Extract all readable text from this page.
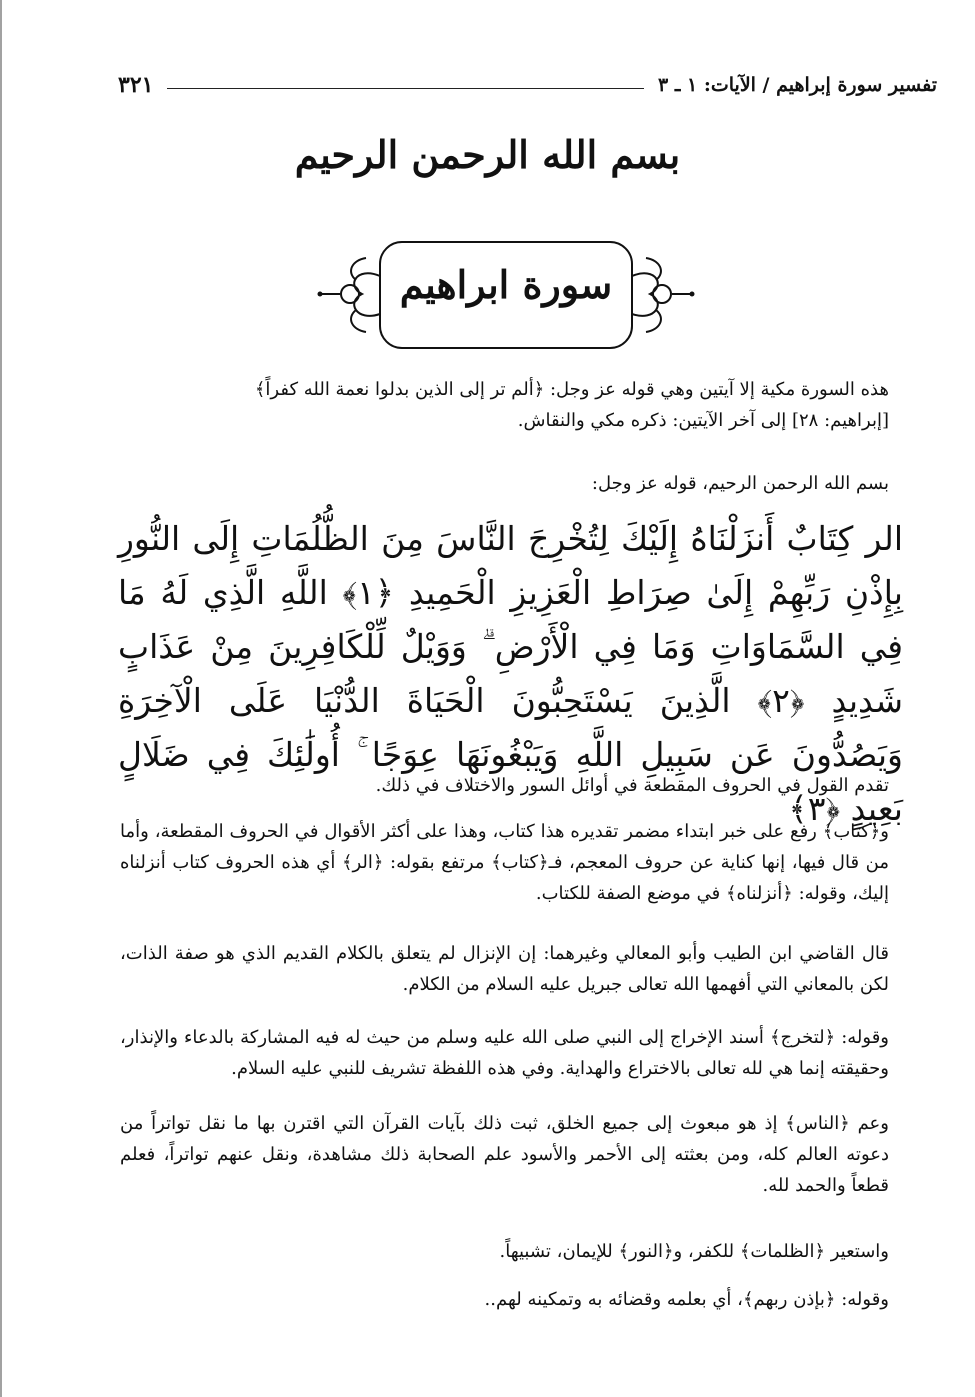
تفسير سورة إبراهيم / الآيات: ١ ـ ٣
٣٢١
بسم الله الرحمن الرحيم
سورة ابراهيم
هذه السورة مكية إلا آيتين وهي قوله عز وجل: ﴿ألم تر إلى الذين بدلوا نعمة الله كفراً﴾
[إبراهيم: ٢٨] إلى آخر الآيتين: ذكره مكي والنقاش.
بسم الله الرحمن الرحيم، قوله عز وجل:
الر كِتَابٌ أَنزَلْنَاهُ إِلَيْكَ لِتُخْرِجَ النَّاسَ مِنَ الظُّلُمَاتِ إِلَى النُّورِ بِإِذْنِ رَبِّهِمْ إِلَىٰ صِرَاطِ الْعَزِيزِ الْحَمِيدِ ﴿١﴾ اللَّهِ الَّذِي لَهُ مَا فِي السَّمَاوَاتِ وَمَا فِي الْأَرْضِ ۗ وَوَيْلٌ لِّلْكَافِرِينَ مِنْ عَذَابٍ شَدِيدٍ ﴿٢﴾ الَّذِينَ يَسْتَحِبُّونَ الْحَيَاةَ الدُّنْيَا عَلَى الْآخِرَةِ وَيَصُدُّونَ عَن سَبِيلِ اللَّهِ وَيَبْغُونَهَا عِوَجًا ۚ أُولَٰئِكَ فِي ضَلَالٍ بَعِيدٍ ﴿٣﴾
تقدم القول في الحروف المقطعة في أوائل السور والاختلاف في ذلك.
و﴿كتاب﴾ رفع على خبر ابتداء مضمر تقديره هذا كتاب، وهذا على أكثر الأقوال في الحروف المقطعة، وأما من قال فيها، إنها كناية عن حروف المعجم، فـ﴿كتاب﴾ مرتفع بقوله: ﴿الر﴾ أي هذه الحروف كتاب أنزلناه إليك، وقوله: ﴿أنزلناه﴾ في موضع الصفة للكتاب.
قال القاضي ابن الطيب وأبو المعالي وغيرهما: إن الإنزال لم يتعلق بالكلام القديم الذي هو صفة الذات، لكن بالمعاني التي أفهمها الله تعالى جبريل عليه السلام من الكلام.
وقوله: ﴿لتخرج﴾ أسند الإخراج إلى النبي صلى الله عليه وسلم من حيث له فيه المشاركة بالدعاء والإنذار، وحقيقته إنما هي لله تعالى بالاختراع والهداية. وفي هذه اللفظة تشريف للنبي عليه السلام.
وعم ﴿الناس﴾ إذ هو مبعوث إلى جميع الخلق، ثبت ذلك بآيات القرآن التي اقترن بها ما نقل تواتراً من دعوته العالم كله، ومن بعثته إلى الأحمر والأسود علم الصحابة ذلك مشاهدة، ونقل عنهم تواتراً، فعلم قطعاً والحمد لله.
واستعير ﴿الظلمات﴾ للكفر، و﴿النور﴾ للإيمان، تشبيهاً.
وقوله: ﴿بإذن ربهم﴾، أي بعلمه وقضائه به وتمكينه لهم..
